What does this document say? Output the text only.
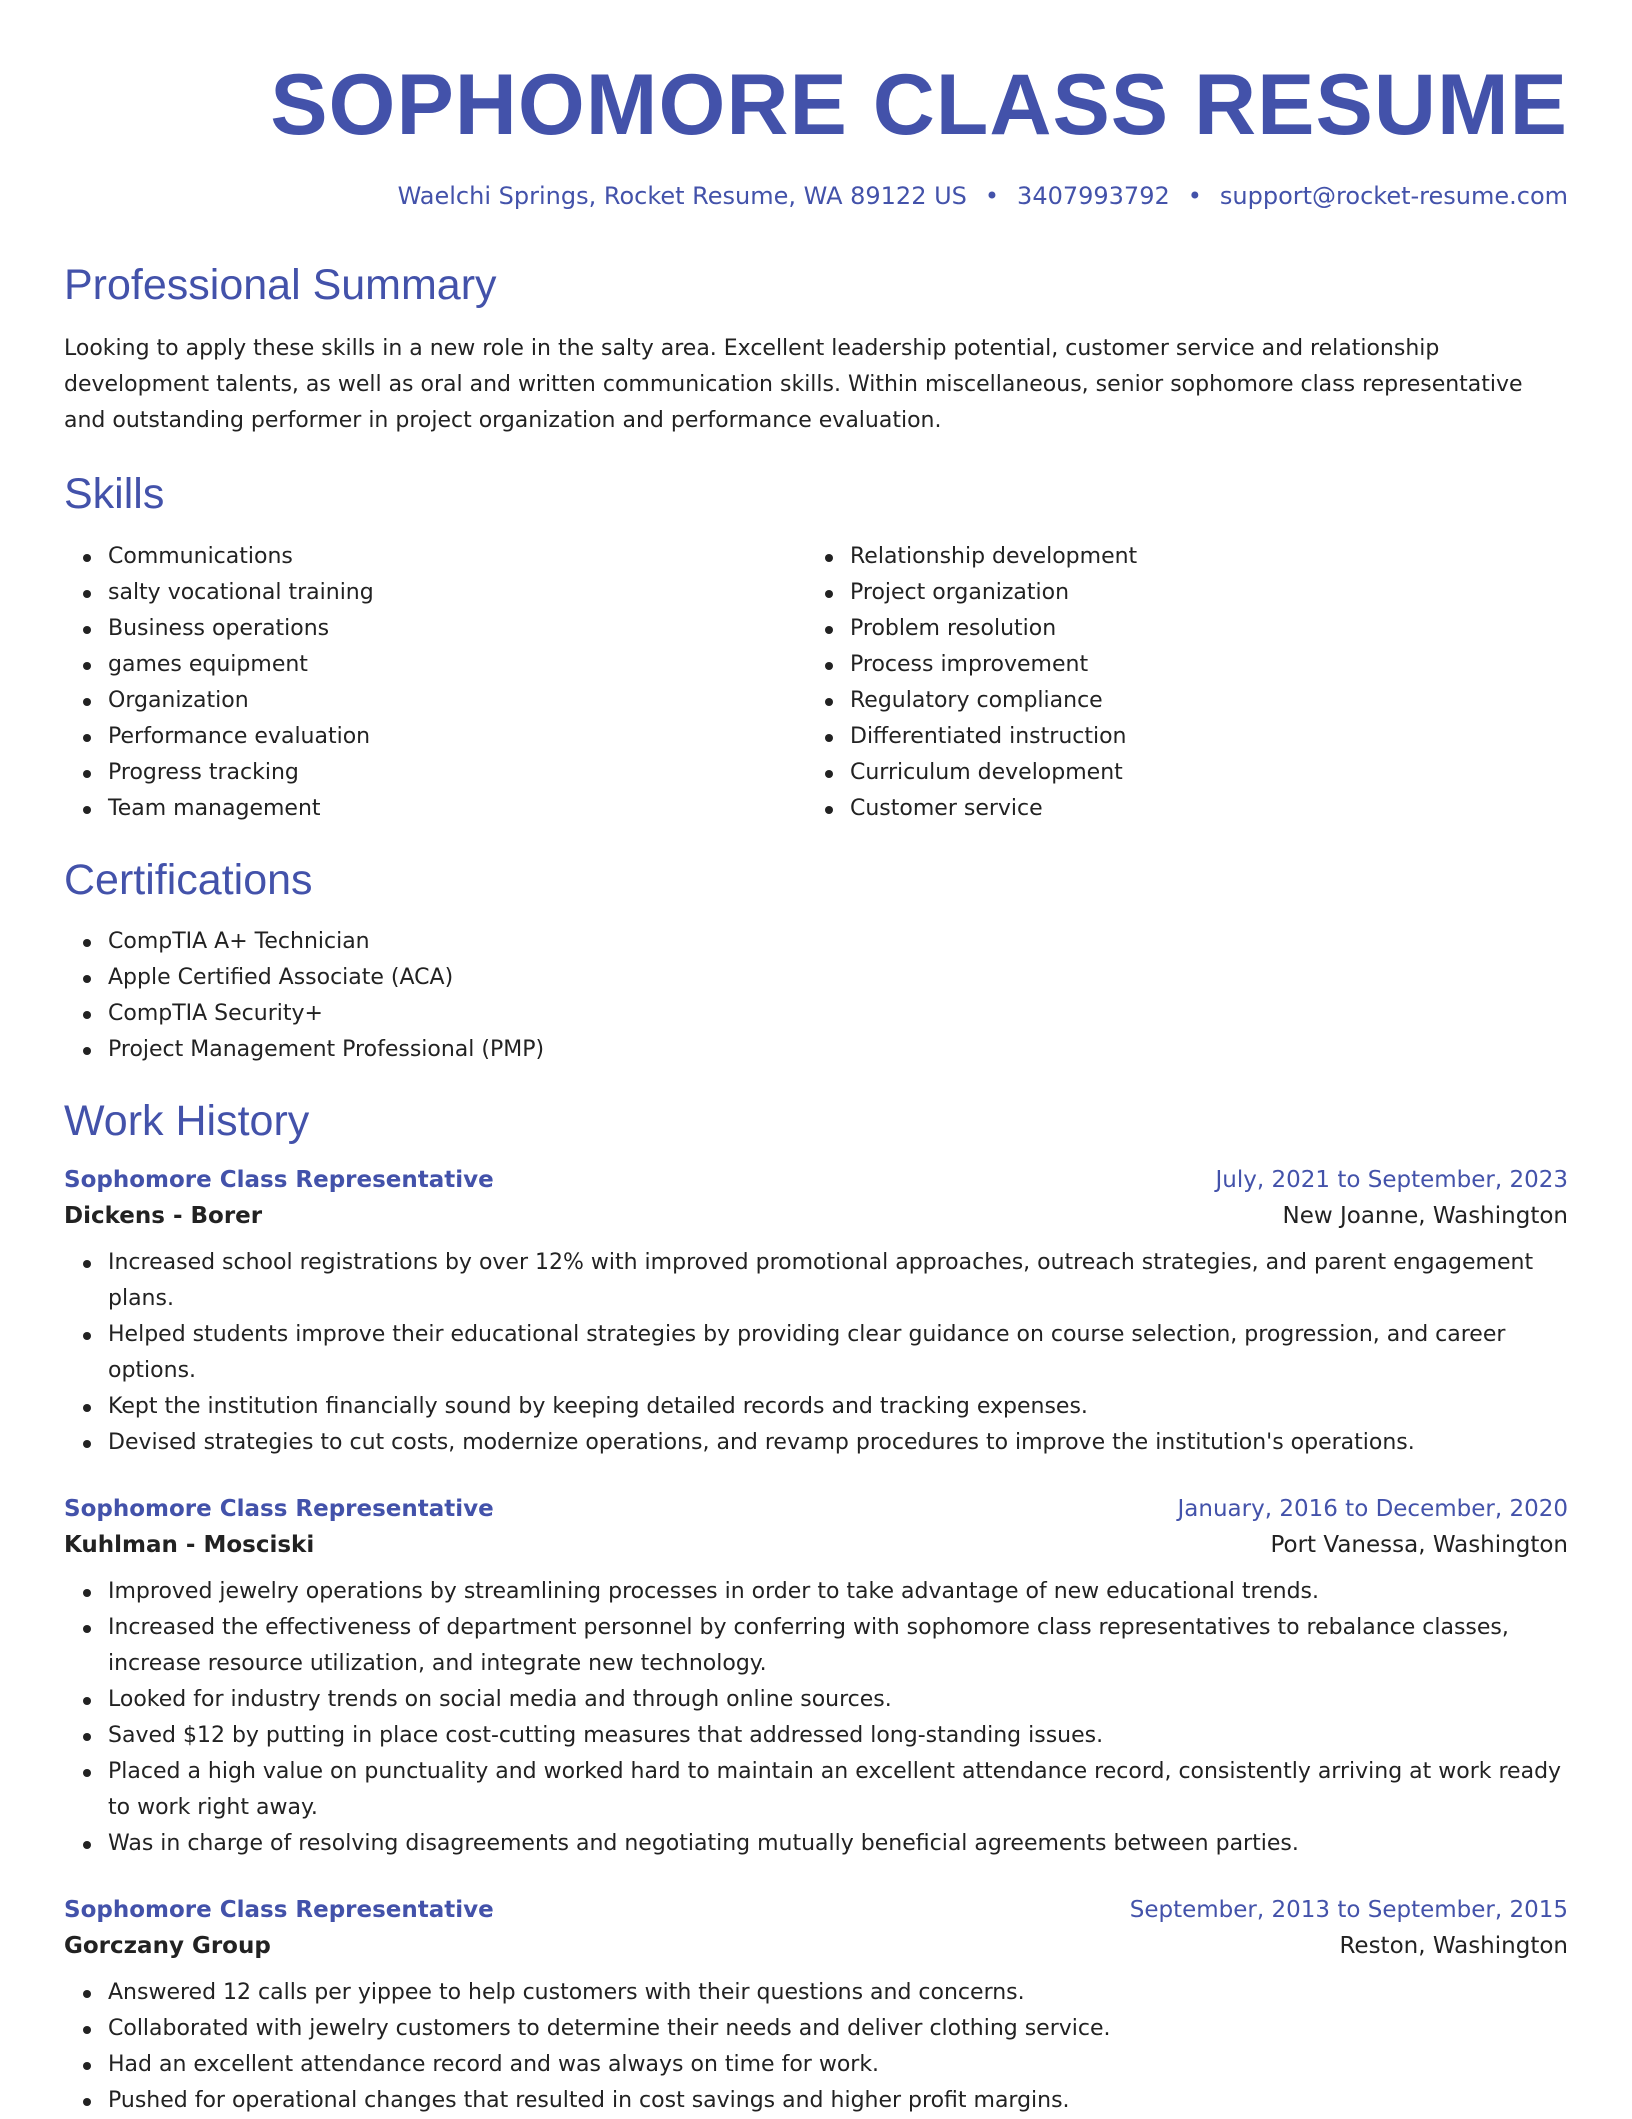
SOPHOMORE CLASS RESUME
Waelchi Springs, Rocket Resume, WA 89122 US • 3407993792 • support@rocket-resume.com
Professional Summary

Looking to apply these skills in a new role in the salty area. Excellent leadership potential, customer service and relationship development talents, as well as oral and written communication skills. Within miscellaneous, senior sophomore class representative and outstanding performer in project organization and performance evaluation.

Skills
Communications
salty vocational training
Business operations
games equipment
Organization
Performance evaluation
Progress tracking
Team management
Relationship development
Project organization
Problem resolution
Process improvement
Regulatory compliance
Differentiated instruction
Curriculum development
Customer service
Certifications
CompTIA A+ Technician
Apple Certified Associate (ACA)
CompTIA Security+
Project Management Professional (PMP)
Work History
Sophomore Class Representative	July, 2021 to September, 2023
Dickens - Borer	New Joanne, Washington
Increased school registrations by over 12% with improved promotional approaches, outreach strategies, and parent engagement plans.
Helped students improve their educational strategies by providing clear guidance on course selection, progression, and career options.
Kept the institution financially sound by keeping detailed records and tracking expenses.
Devised strategies to cut costs, modernize operations, and revamp procedures to improve the institution's operations.
Sophomore Class Representative	January, 2016 to December, 2020
Kuhlman - Mosciski	Port Vanessa, Washington
Improved jewelry operations by streamlining processes in order to take advantage of new educational trends.
Increased the effectiveness of department personnel by conferring with sophomore class representatives to rebalance classes, increase resource utilization, and integrate new technology.
Looked for industry trends on social media and through online sources.
Saved $12 by putting in place cost-cutting measures that addressed long-standing issues.
Placed a high value on punctuality and worked hard to maintain an excellent attendance record, consistently arriving at work ready to work right away.
Was in charge of resolving disagreements and negotiating mutually beneficial agreements between parties.
Sophomore Class Representative	September, 2013 to September, 2015
Gorczany Group	Reston, Washington
Answered 12 calls per yippee to help customers with their questions and concerns.
Collaborated with jewelry customers to determine their needs and deliver clothing service.
Had an excellent attendance record and was always on time for work.
Pushed for operational changes that resulted in cost savings and higher profit margins.
